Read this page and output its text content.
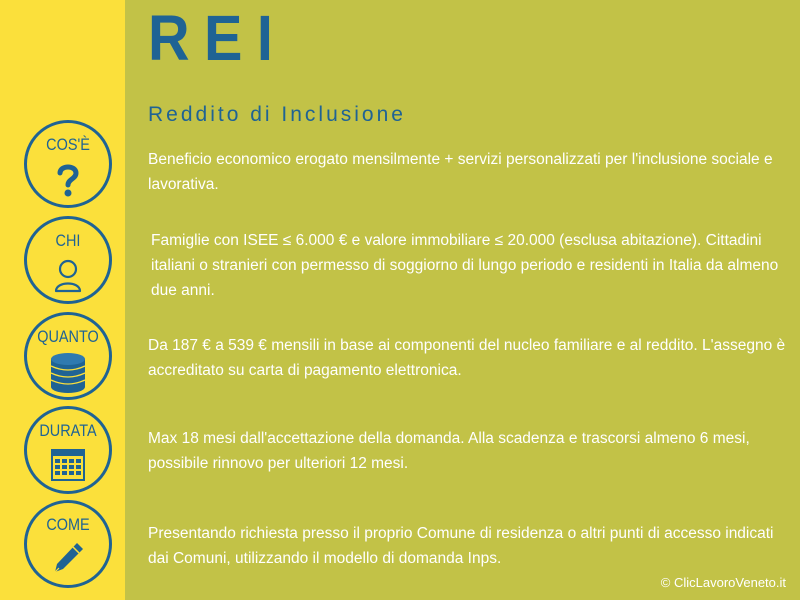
REI
Reddito di Inclusione
COS'È
CHI
QUANTO
DURATA
COME
Beneficio economico erogato mensilmente + servizi personalizzati per l'inclusione sociale e lavorativa.
Famiglie con ISEE ≤ 6.000 € e valore immobiliare ≤ 20.000 (esclusa abitazione). Cittadini italiani o stranieri con permesso di soggiorno di lungo periodo e residenti in Italia da almeno due anni.
Da 187 € a 539 € mensili in base ai componenti del nucleo familiare e al reddito. L'assegno è accreditato su carta di pagamento elettronica.
Max 18 mesi dall'accettazione della domanda. Alla scadenza e trascorsi almeno 6 mesi, possibile rinnovo per ulteriori 12 mesi.
Presentando richiesta presso il proprio Comune di residenza o altri punti di accesso indicati dai Comuni, utilizzando il modello di domanda Inps.
© ClicLavoroVeneto.it
